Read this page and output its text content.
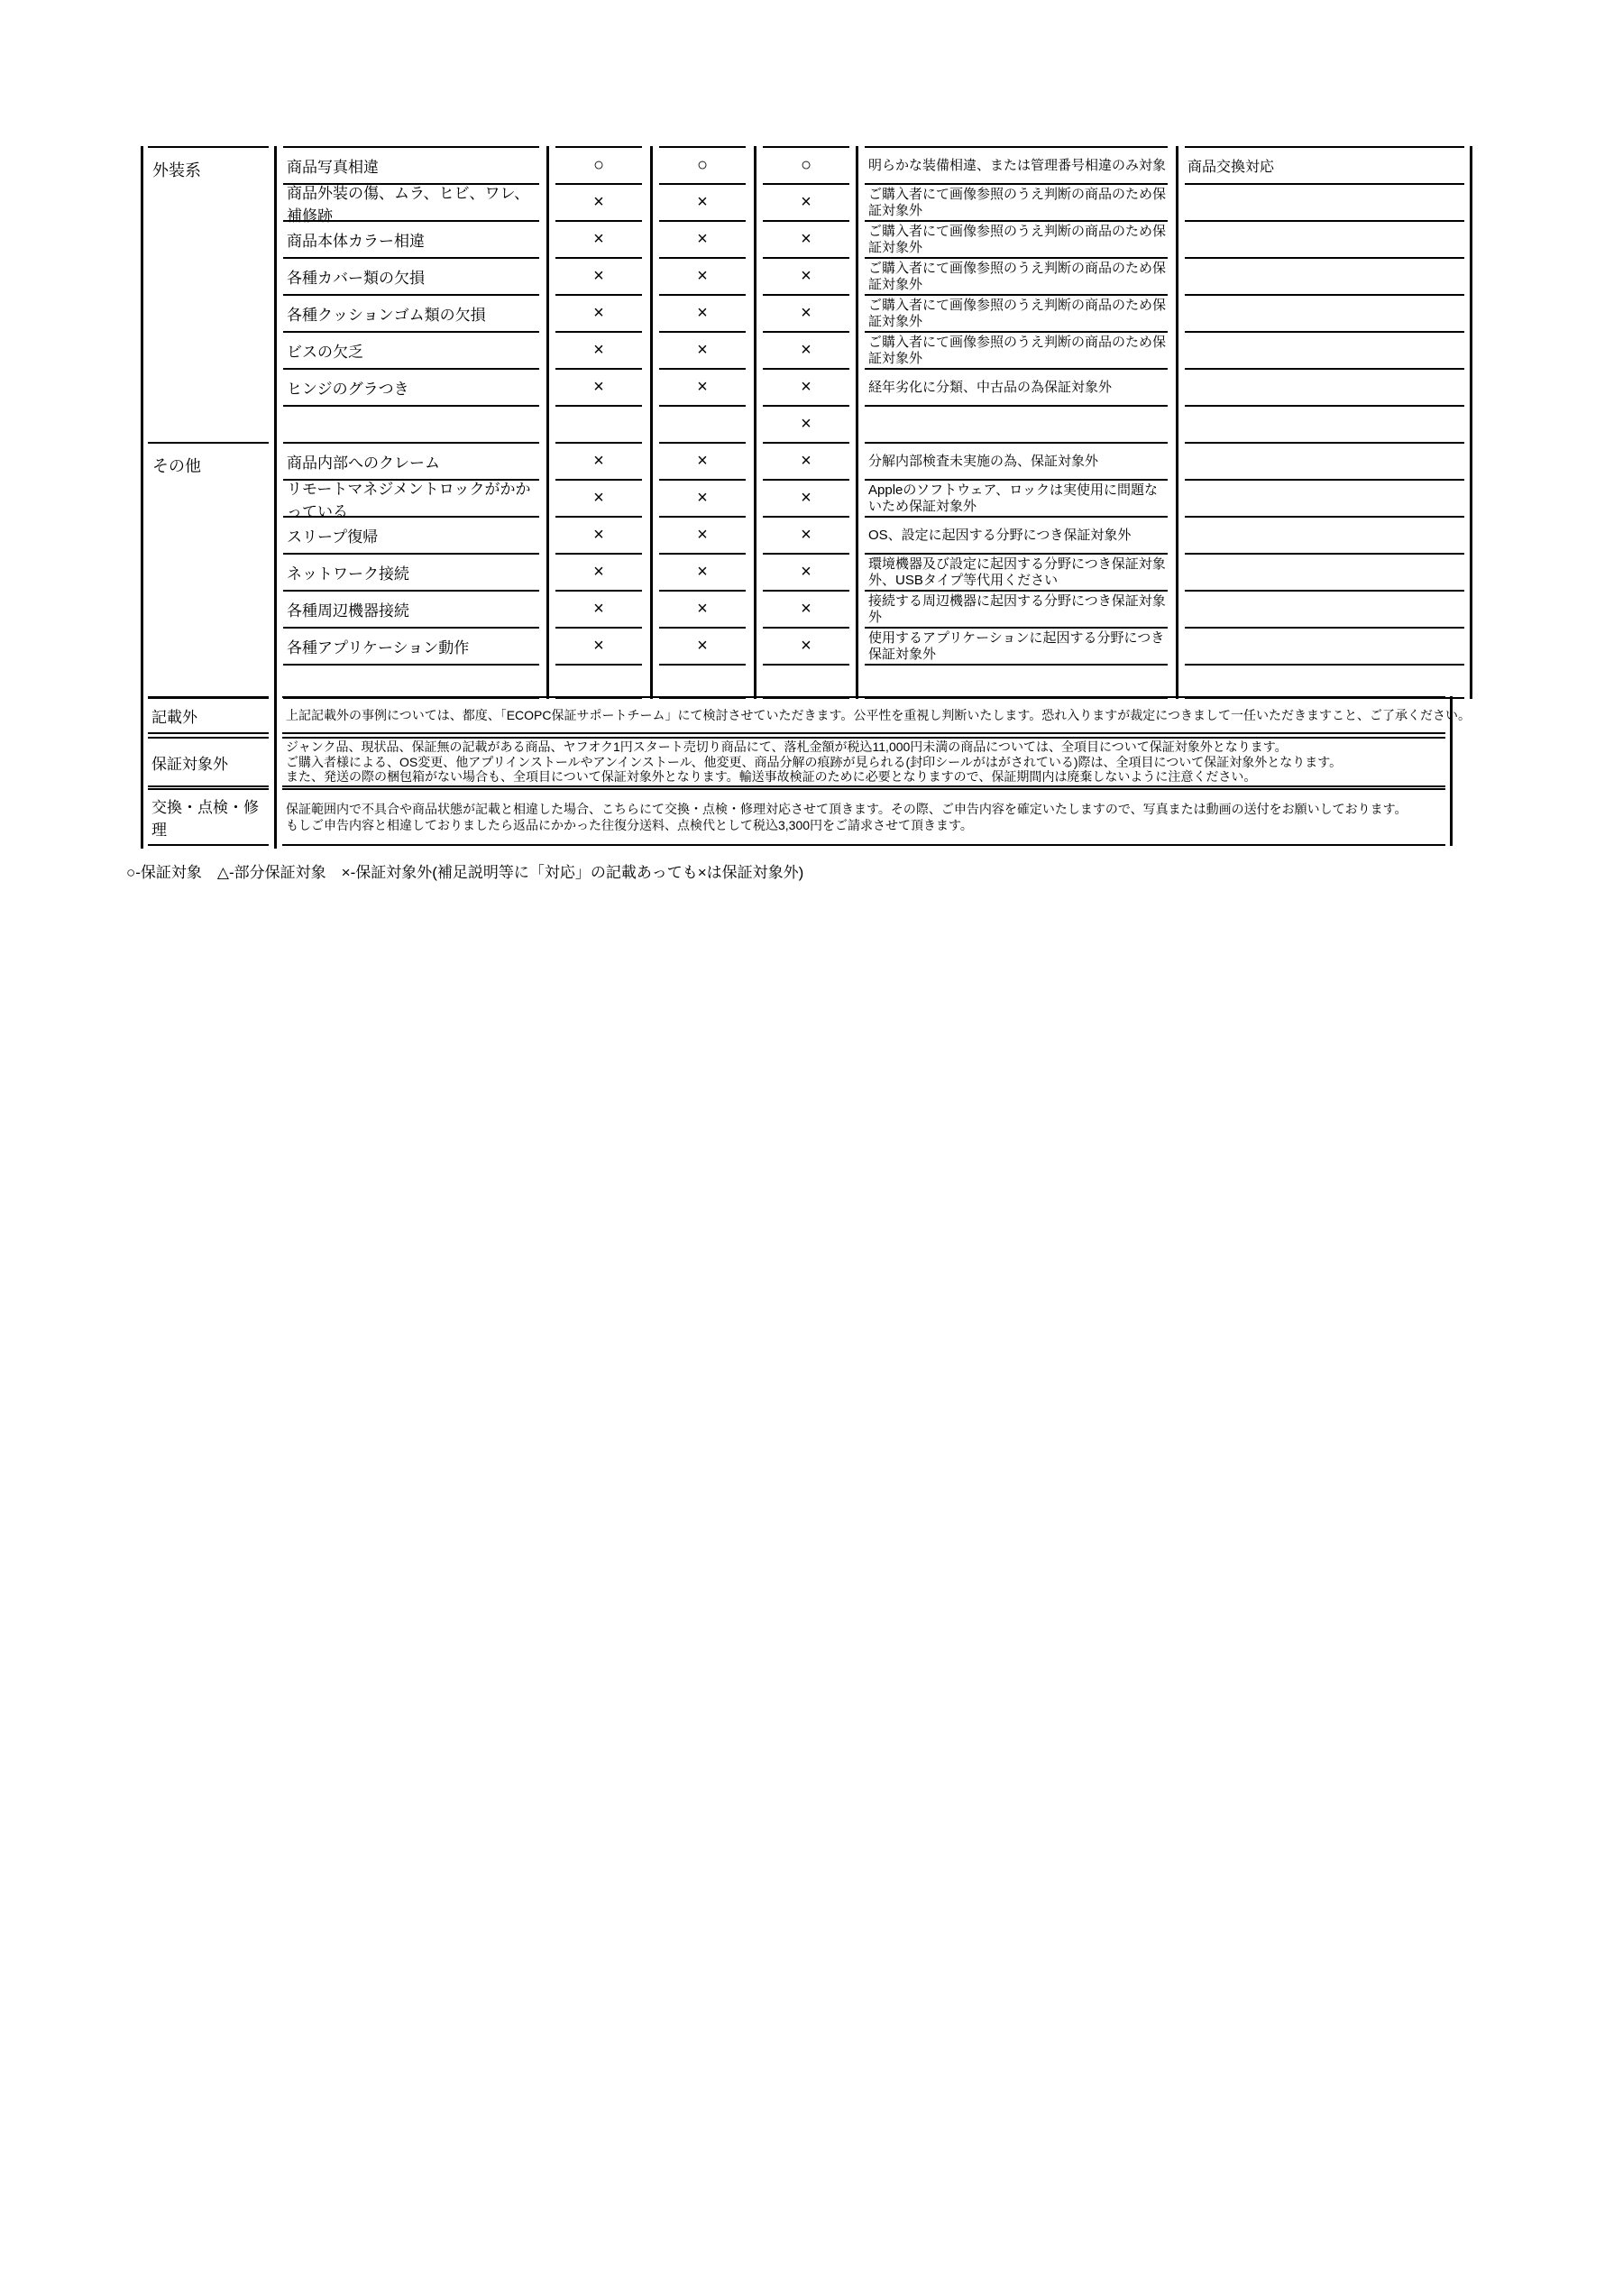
外装系
その他
商品写真相違
商品外装の傷、ムラ、ヒビ、ワレ、補修跡
商品本体カラー相違
各種カバー類の欠損
各種クッションゴム類の欠損
ビスの欠乏
ヒンジのグラつき
商品内部へのクレーム
リモートマネジメントロックがかかっている
スリープ復帰
ネットワーク接続
各種周辺機器接続
各種アプリケーション動作
○
×
×
×
×
×
×
×
×
×
×
×
×
○
×
×
×
×
×
×
×
×
×
×
×
×
○
×
×
×
×
×
×
×
×
×
×
×
×
×
明らかな装備相違、または管理番号相違のみ対象
ご購入者にて画像参照のうえ判断の商品のため保証対象外
ご購入者にて画像参照のうえ判断の商品のため保証対象外
ご購入者にて画像参照のうえ判断の商品のため保証対象外
ご購入者にて画像参照のうえ判断の商品のため保証対象外
ご購入者にて画像参照のうえ判断の商品のため保証対象外
経年劣化に分類、中古品の為保証対象外
分解内部検査未実施の為、保証対象外
Appleのソフトウェア、ロックは実使用に問題ないため保証対象外
OS、設定に起因する分野につき保証対象外
環境機器及び設定に起因する分野につき保証対象外、USBタイプ等代用ください
接続する周辺機器に起因する分野につき保証対象外
使用するアプリケーションに起因する分野につき保証対象外
商品交換対応
記載外	上記記載外の事例については、都度、「ECOPC保証サポートチーム」にて検討させていただきます。公平性を重視し判断いたします。恐れ入りますが裁定につきまして一任いただきますこと、ご了承ください。
保証対象外
ジャンク品、現状品、保証無の記載がある商品、ヤフオク1円スタート売切り商品にて、落札金額が税込11,000円未満の商品については、全項目について保証対象外となります。
ご購入者様による、OS変更、他アプリインストールやアンインストール、他変更、商品分解の痕跡が見られる(封印シールがはがされている)際は、全項目について保証対象外となります。
また、発送の際の梱包箱がない場合も、全項目について保証対象外となります。輸送事故検証のために必要となりますので、保証期間内は廃棄しないように注意ください。
交換・点検・修理
保証範囲内で不具合や商品状態が記載と相違した場合、こちらにて交換・点検・修理対応させて頂きます。その際、ご申告内容を確定いたしますので、写真または動画の送付をお願いしております。
もしご申告内容と相違しておりましたら返品にかかった往復分送料、点検代として税込3,300円をご請求させて頂きます。
○-保証対象　△-部分保証対象　×-保証対象外(補足説明等に「対応」の記載あっても×は保証対象外)
